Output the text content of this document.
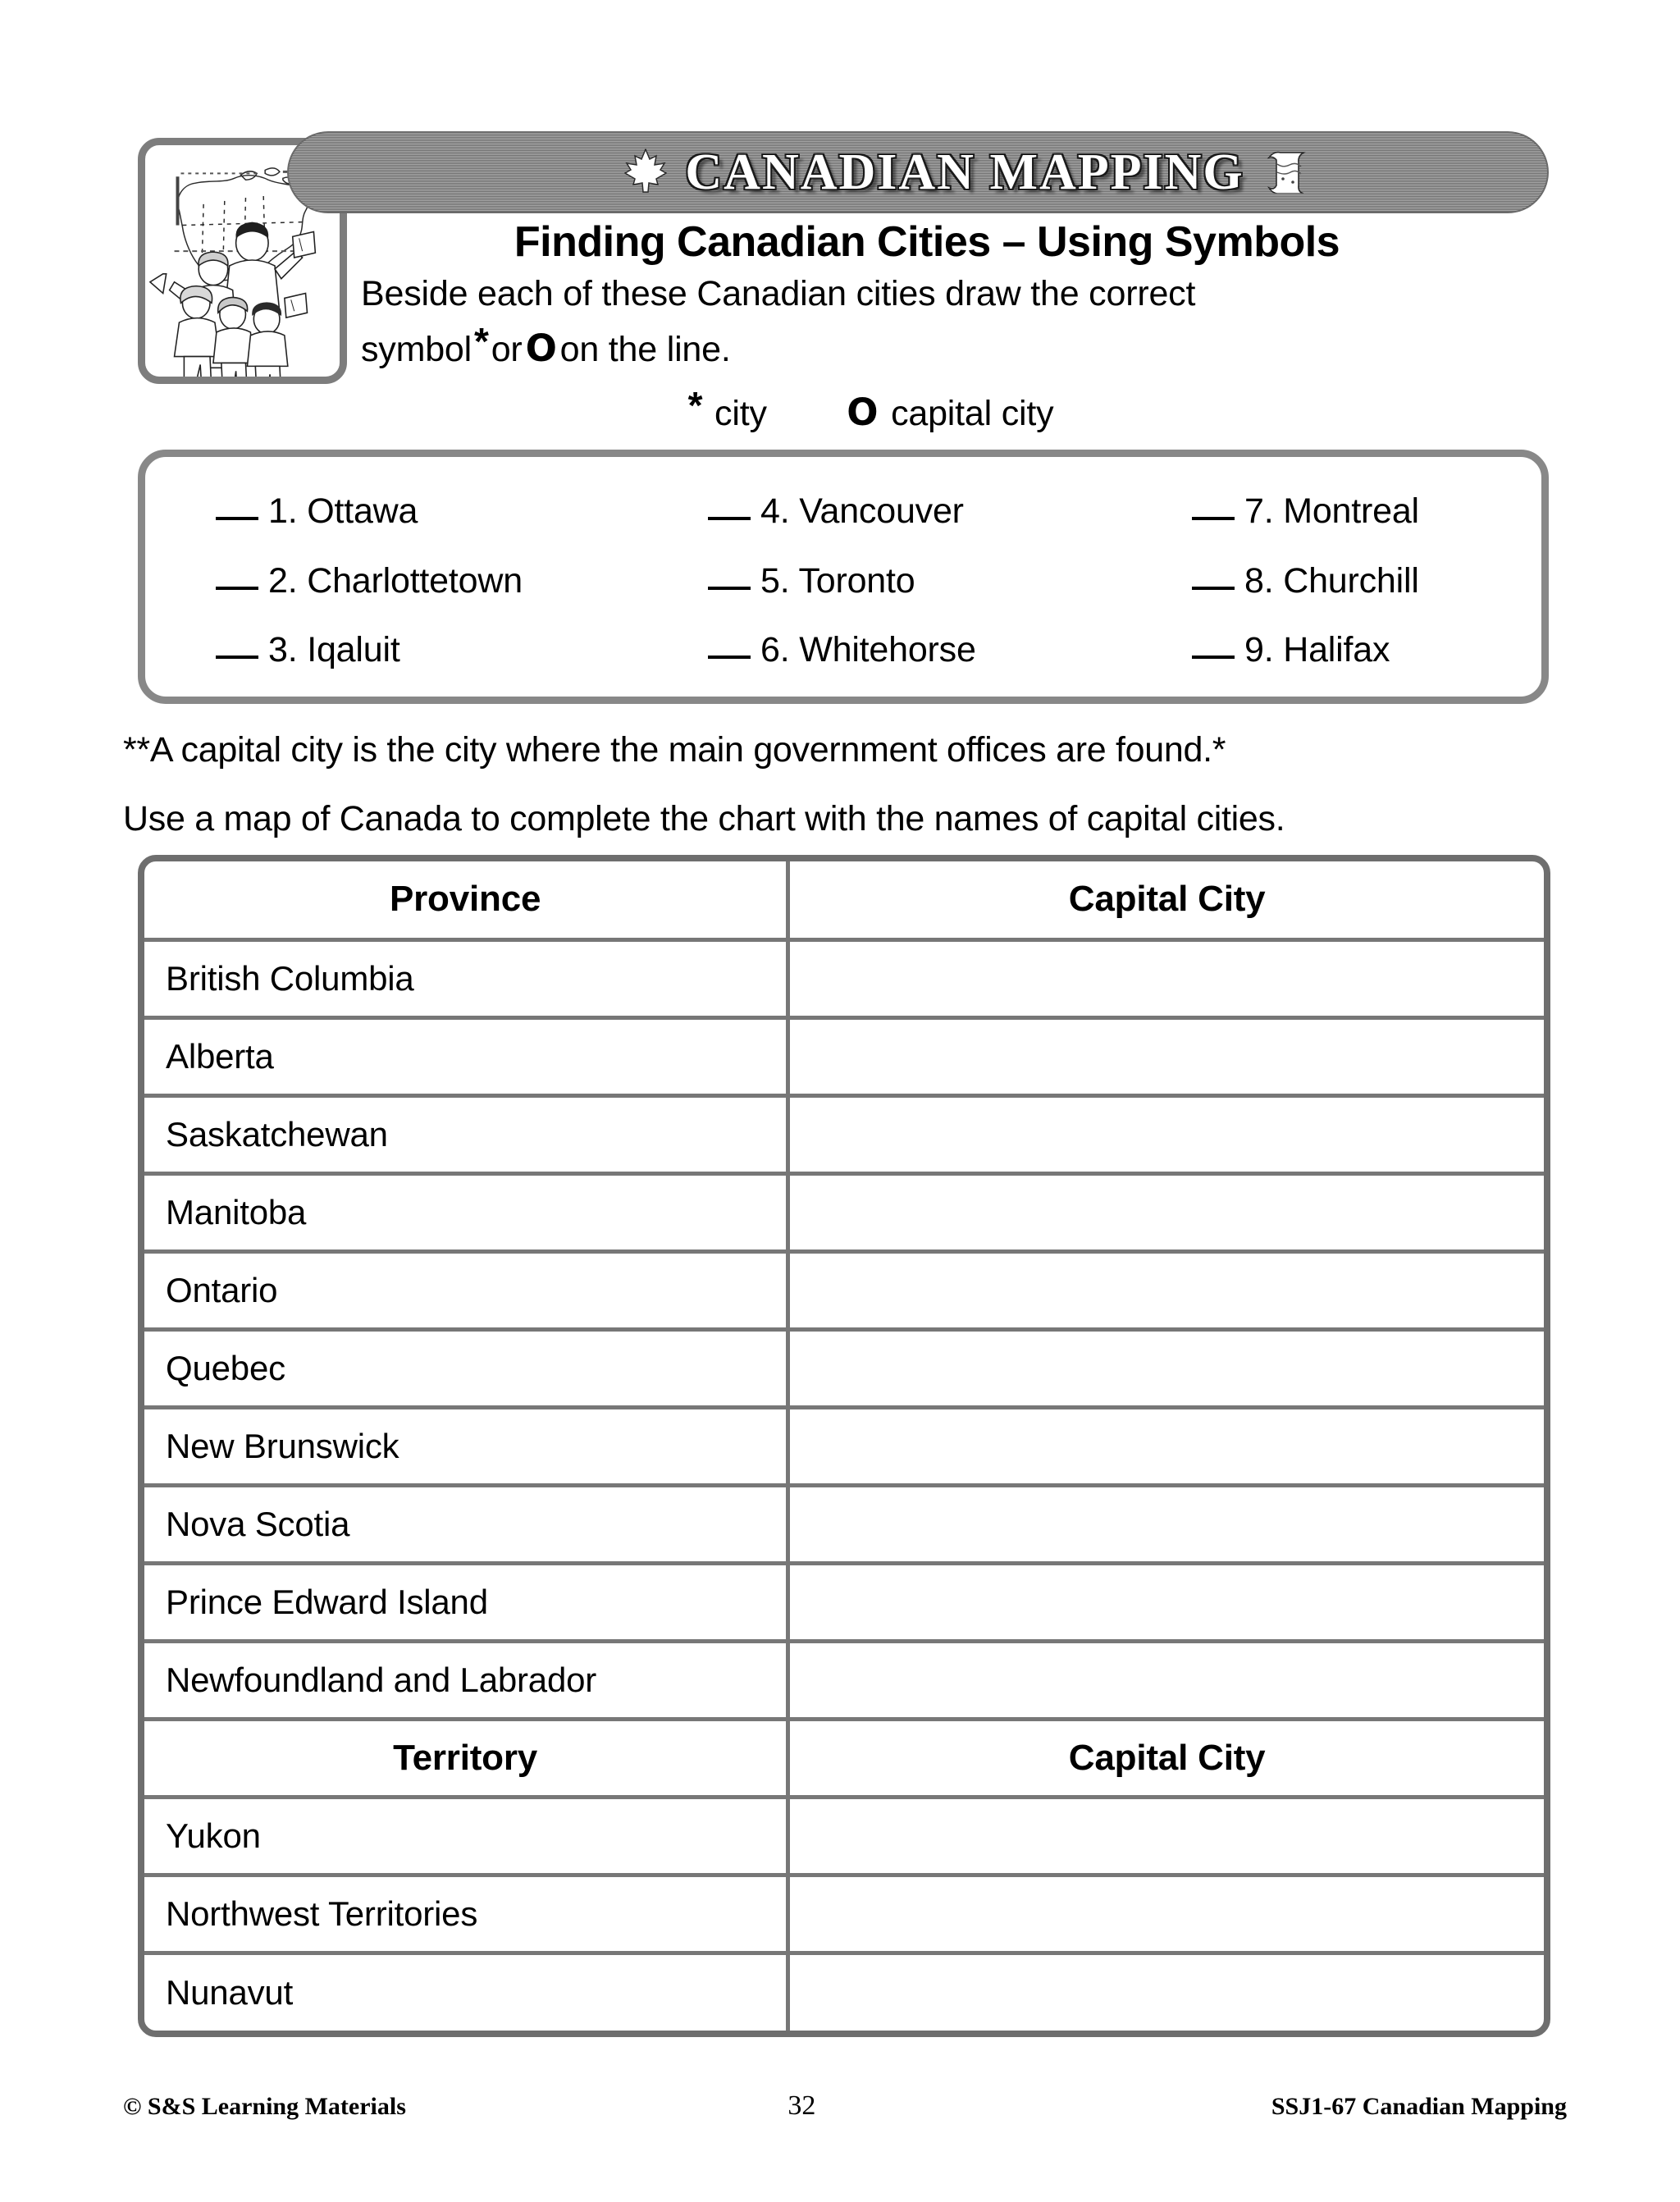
CANADIAN MAPPING
Finding Canadian Cities – Using Symbols
Beside each of these Canadian cities draw the correct
symbol*orOon the line.
* city O capital city
1. Ottawa	4. Vancouver	7. Montreal
2. Charlottetown	5. Toronto	8. Churchill
3. Iqaluit	6. Whitehorse	9. Halifax
**A capital city is the city where the main government offices are found.*
Use a map of Canada to complete the chart with the names of capital cities.
Province	Capital City
British Columbia	
Alberta	
Saskatchewan	
Manitoba	
Ontario	
Quebec	
New Brunswick	
Nova Scotia	
Prince Edward Island	
Newfoundland and Labrador	
Territory	Capital City
Yukon	
Northwest Territories	
Nunavut	
© S&S Learning Materials	32	SSJ1-67 Canadian Mapping
